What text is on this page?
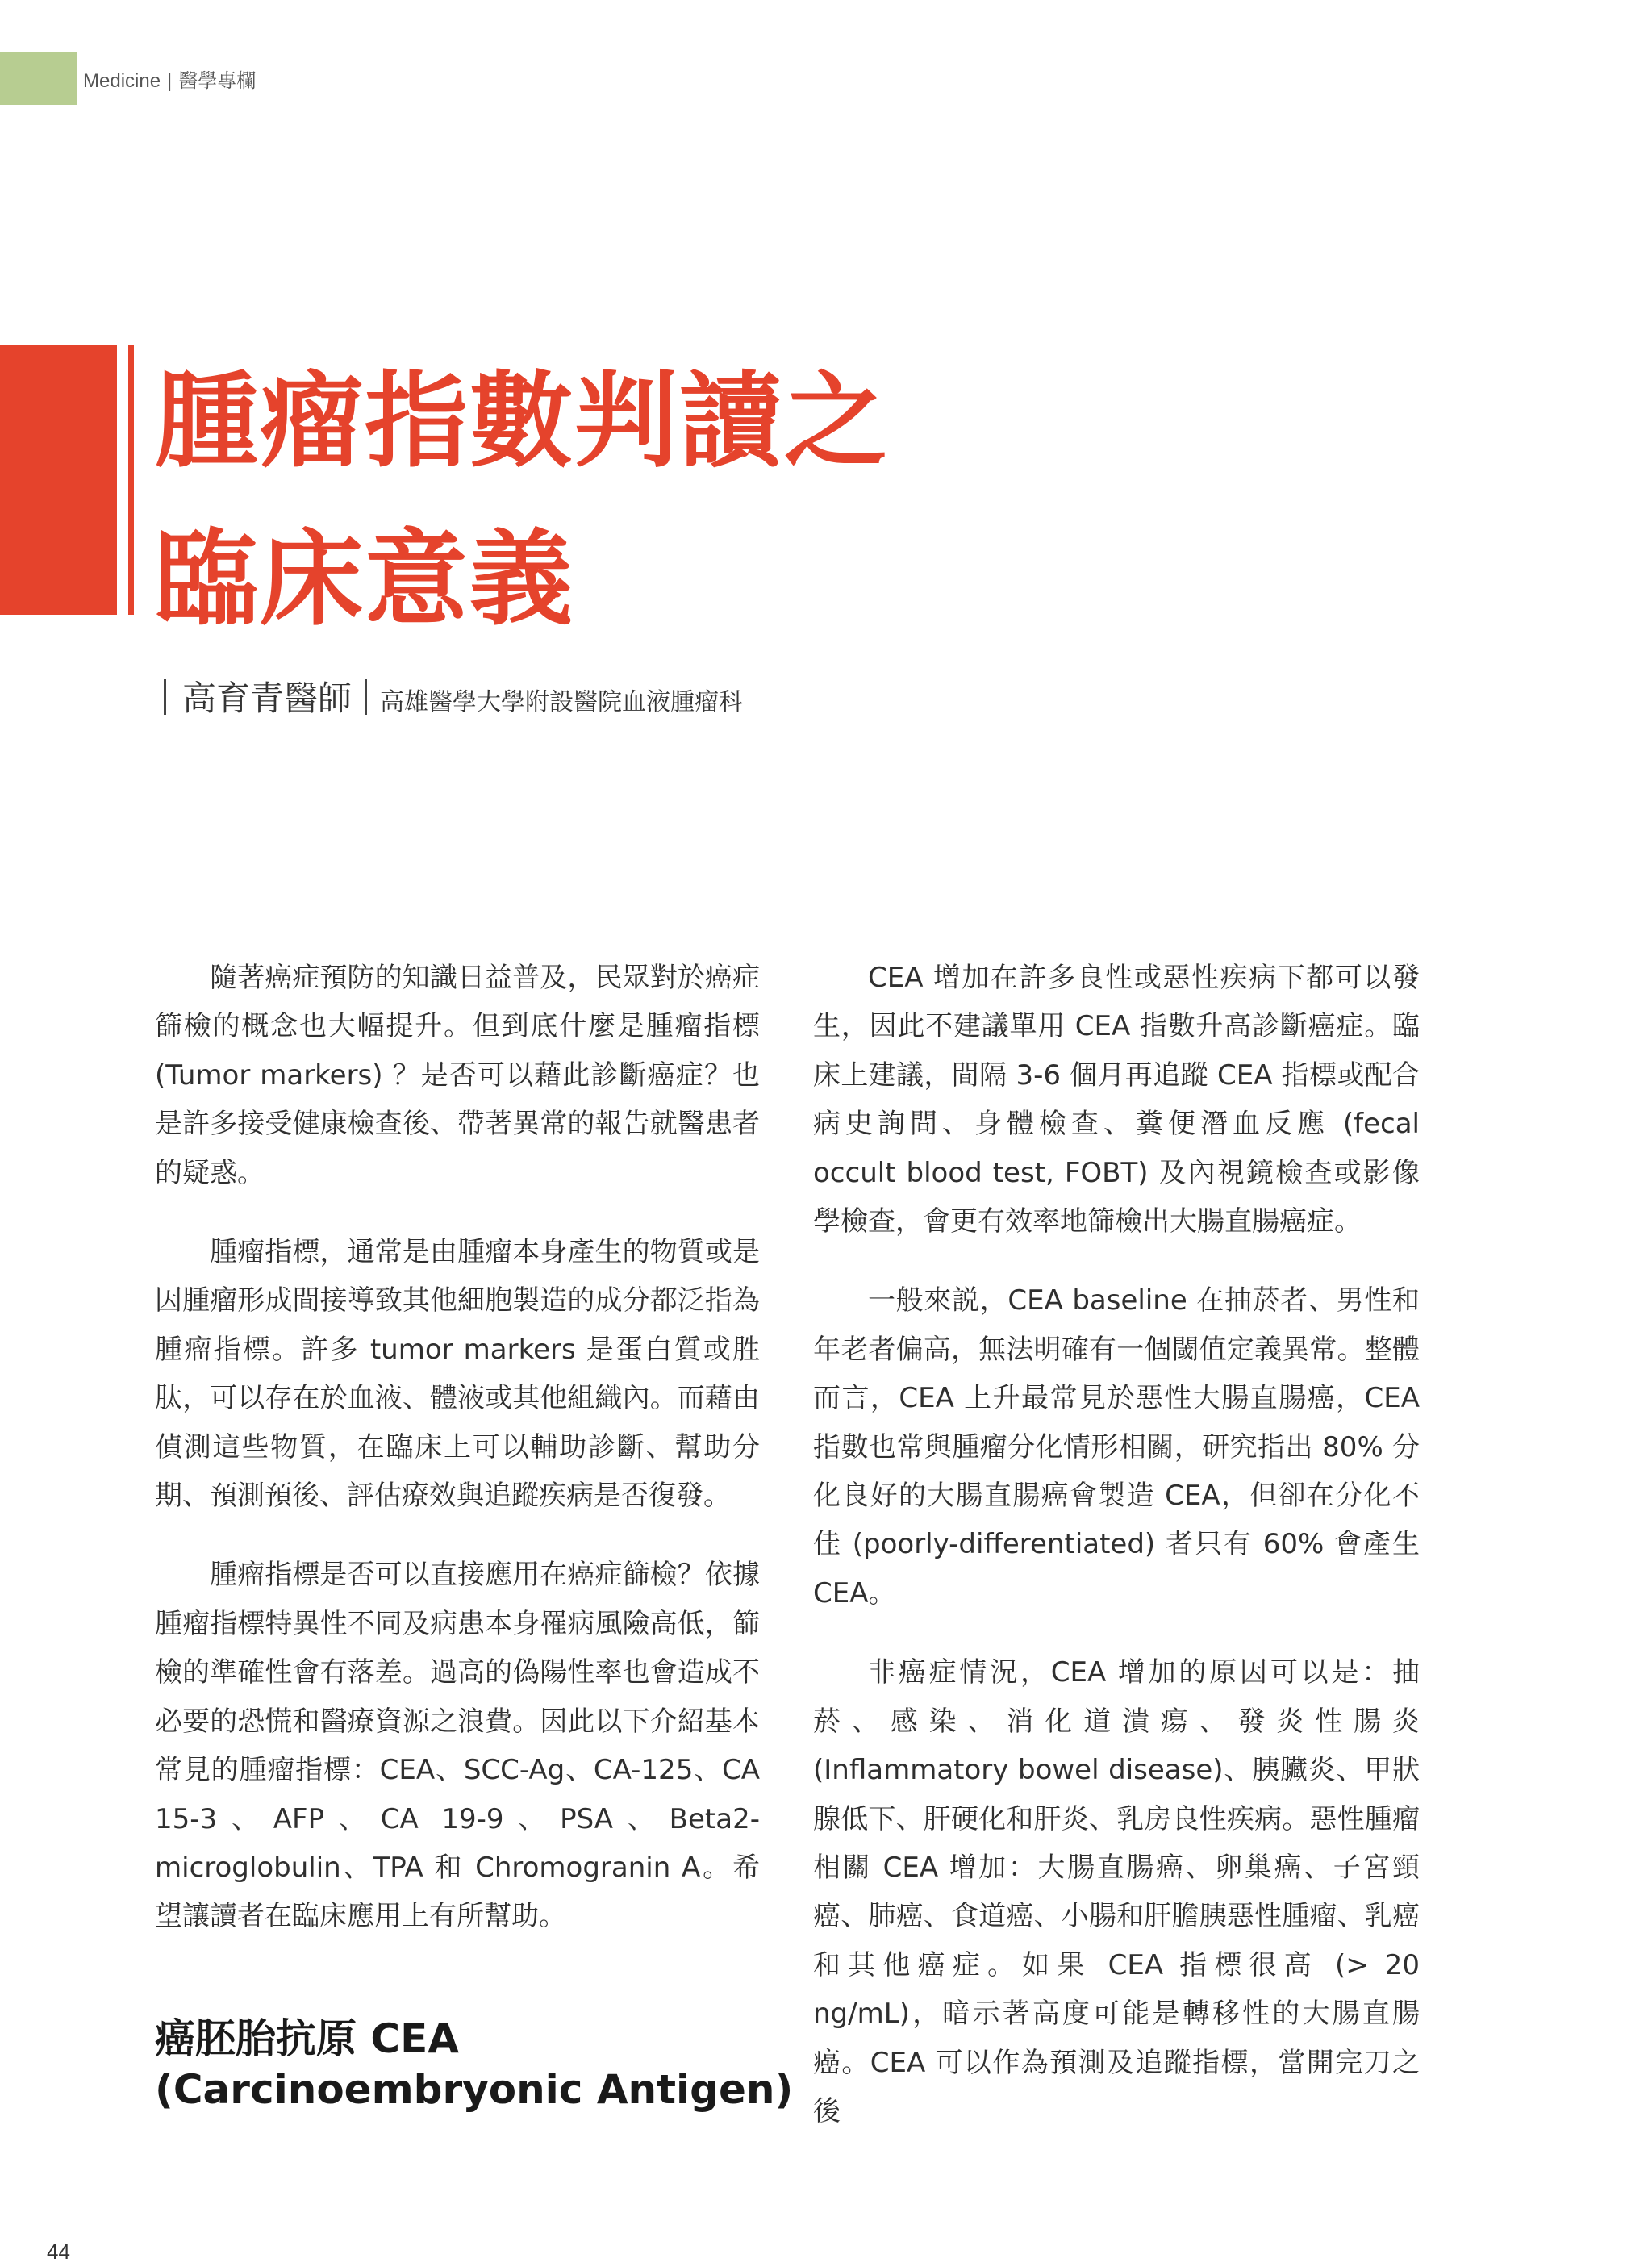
Medicine | 醫學專欄
腫瘤指數判讀之
臨床意義
高育青醫師 高雄醫學大學附設醫院血液腫瘤科

隨著癌症預防的知識日益普及，民眾對於癌症篩檢的概念也大幅提升。但到底什麼是腫瘤指標 (Tumor markers) ？是否可以藉此診斷癌症？也是許多接受健康檢查後、帶著異常的報告就醫患者的疑惑。

腫瘤指標，通常是由腫瘤本身產生的物質或是因腫瘤形成間接導致其他細胞製造的成分都泛指為腫瘤指標。許多 tumor markers 是蛋白質或胜肽，可以存在於血液、體液或其他組織內。而藉由偵測這些物質，在臨床上可以輔助診斷、幫助分期、預測預後、評估療效與追蹤疾病是否復發。

腫瘤指標是否可以直接應用在癌症篩檢？依據腫瘤指標特異性不同及病患本身罹病風險高低，篩檢的準確性會有落差。過高的偽陽性率也會造成不必要的恐慌和醫療資源之浪費。因此以下介紹基本常見的腫瘤指標：CEA、SCC-Ag、CA-125、CA 15-3、AFP、CA 19-9、PSA、Beta2-microglobulin、TPA 和 Chromogranin A。希望讓讀者在臨床應用上有所幫助。

癌胚胎抗原 CEA
(Carcinoembryonic Antigen)

CEA 增加在許多良性或惡性疾病下都可以發生，因此不建議單用 CEA 指數升高診斷癌症。臨床上建議，間隔 3-6 個月再追蹤 CEA 指標或配合病史詢問、身體檢查、糞便潛血反應 (fecal occult blood test, FOBT) 及內視鏡檢查或影像學檢查，會更有效率地篩檢出大腸直腸癌症。

一般來説，CEA baseline 在抽菸者、男性和年老者偏高，無法明確有一個閾值定義異常。整體而言，CEA 上升最常見於惡性大腸直腸癌，CEA 指數也常與腫瘤分化情形相關，研究指出 80% 分化良好的大腸直腸癌會製造 CEA，但卻在分化不佳 (poorly-differentiated) 者只有 60% 會產生 CEA。

非癌症情況，CEA 增加的原因可以是：抽菸、感染、消化道潰瘍、發炎性腸炎 (Inflammatory bowel disease)、胰臟炎、甲狀腺低下、肝硬化和肝炎、乳房良性疾病。惡性腫瘤相關 CEA 增加：大腸直腸癌、卵巢癌、子宮頸癌、肺癌、食道癌、小腸和肝膽胰惡性腫瘤、乳癌和其他癌症。如果 CEA 指標很高 (> 20 ng/mL)，暗示著高度可能是轉移性的大腸直腸癌。CEA 可以作為預測及追蹤指標，當開完刀之後

44
